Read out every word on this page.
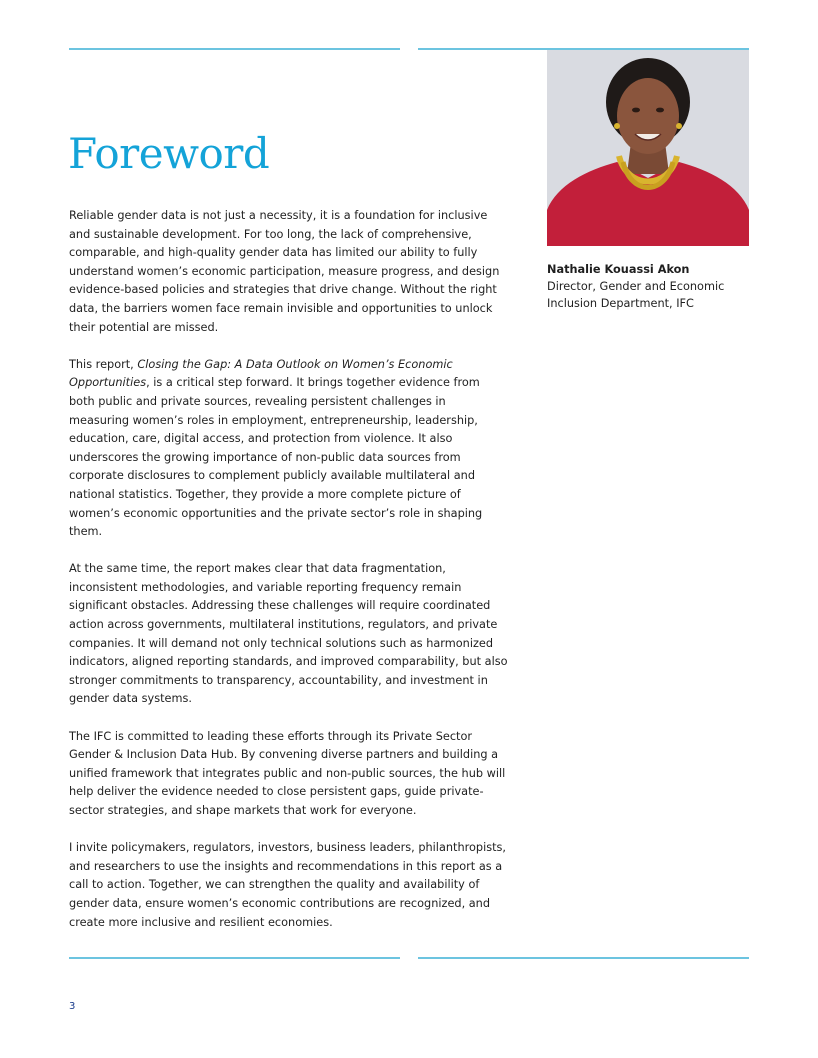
Foreword

Reliable gender data is not just a necessity, it is a foundation for inclusive and sustainable development. For too long, the lack of comprehensive, comparable, and high-quality gender data has limited our ability to fully understand women’s economic participation, measure progress, and design evidence-based policies and strategies that drive change. Without the right data, the barriers women face remain invisible and opportunities to unlock their potential are missed.

This report, Closing the Gap: A Data Outlook on Women’s Economic Opportunities, is a critical step forward. It brings together evidence from both public and private sources, revealing persistent challenges in measuring women’s roles in employment, entrepreneurship, leadership, education, care, digital access, and protection from violence. It also underscores the growing importance of non-public data sources from corporate disclosures to complement publicly available multilateral and national statistics. Together, they provide a more complete picture of women’s economic opportunities and the private sector’s role in shaping them.

At the same time, the report makes clear that data fragmentation, inconsistent methodologies, and variable reporting frequency remain significant obstacles. Addressing these challenges will require coordinated action across governments, multilateral institutions, regulators, and private companies. It will demand not only technical solutions such as harmonized indicators, aligned reporting standards, and improved comparability, but also stronger commitments to transparency, accountability, and investment in gender data systems.

The IFC is committed to leading these efforts through its Private Sector Gender & Inclusion Data Hub. By convening diverse partners and building a unified framework that integrates public and non-public sources, the hub will help deliver the evidence needed to close persistent gaps, guide private-sector strategies, and shape markets that work for everyone.

I invite policymakers, regulators, investors, business leaders, philanthropists, and researchers to use the insights and recommendations in this report as a call to action. Together, we can strengthen the quality and availability of gender data, ensure women’s economic contributions are recognized, and create more inclusive and resilient economies.

Nathalie Kouassi Akon
Director, Gender and Economic Inclusion Department, IFC
3
